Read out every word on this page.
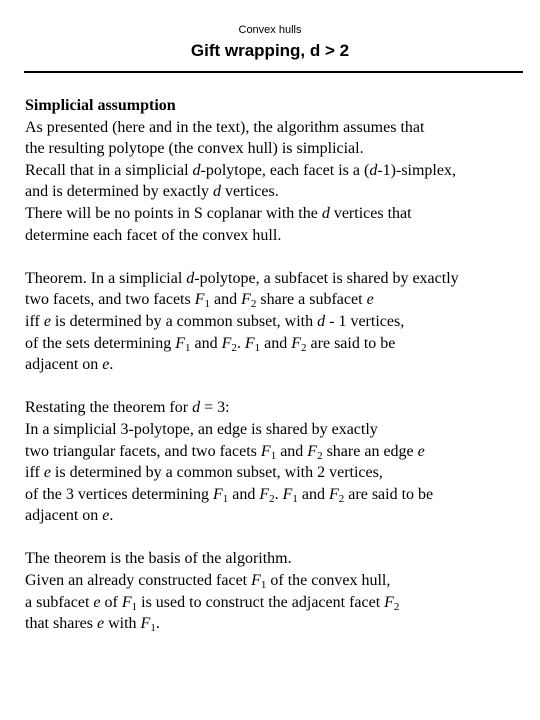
Convex hulls
Gift wrapping, d > 2
Simplicial assumption
As presented (here and in the text), the algorithm assumes that
the resulting polytope (the convex hull) is simplicial.
Recall that in a simplicial d-polytope, each facet is a (d-1)-simplex,
and is determined by exactly d vertices.
There will be no points in S coplanar with the d vertices that
determine each facet of the convex hull.
Theorem. In a simplicial d-polytope, a subfacet is shared by exactly
two facets, and two facets $F_1$ and $F_2$ share a subfacet e
iff e is determined by a common subset, with d - 1 vertices,
of the sets determining $F_1$ and $F_2$. $F_1$ and $F_2$ are said to be
adjacent on e.
Restating the theorem for d = 3:
In a simplicial 3-polytope, an edge is shared by exactly
two triangular facets, and two facets $F_1$ and $F_2$ share an edge e
iff e is determined by a common subset, with 2 vertices,
of the 3 vertices determining $F_1$ and $F_2$. $F_1$ and $F_2$ are said to be
adjacent on e.
The theorem is the basis of the algorithm.
Given an already constructed facet $F_1$ of the convex hull,
a subfacet e of $F_1$ is used to construct the adjacent facet $F_2$
that shares e with $F_1$.
